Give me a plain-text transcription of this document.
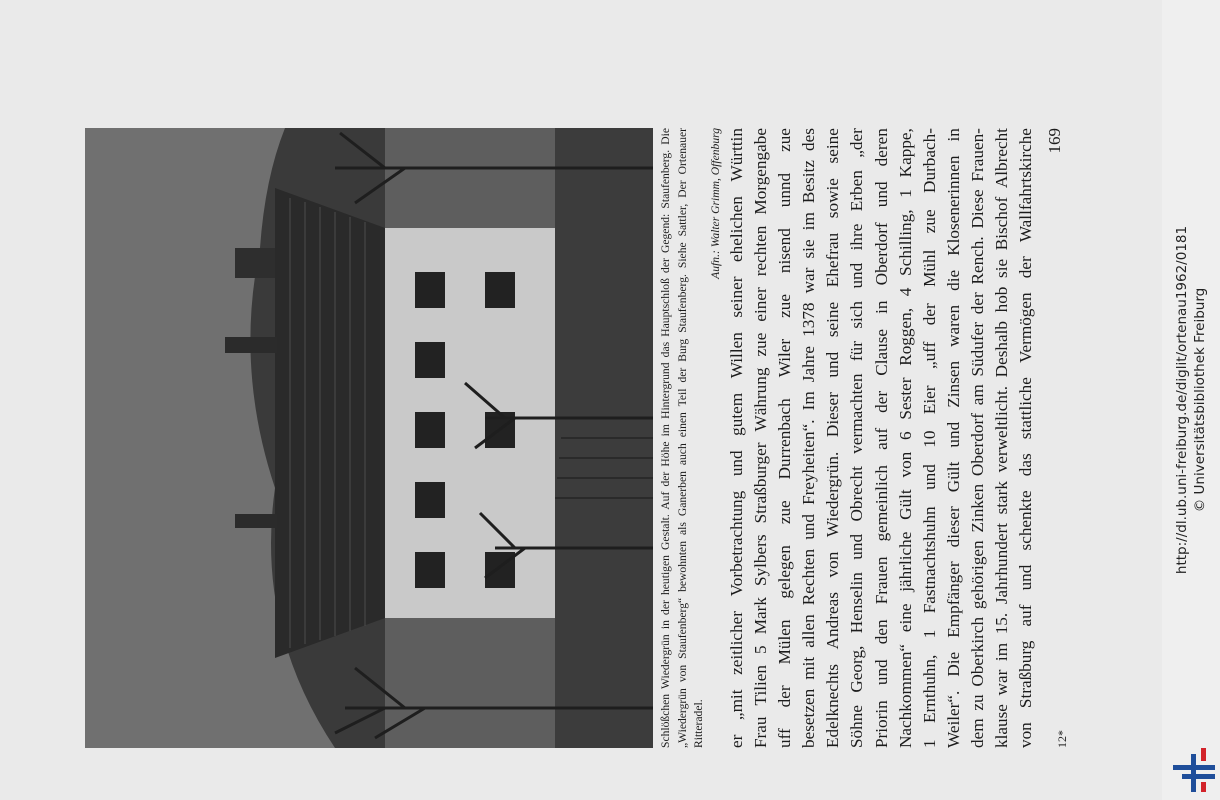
Schlößchen Wiedergrün in der heutigen Gestalt. Auf der Höhe im Hintergrund das Hauptschloß der Gegend: Staufenberg. Die „Wiedergrün von Staufenberg“ bewohnten als Ganerben auch einen Teil der Burg Staufenberg. Siehe Sattler, Der Ortenauer Ritteradel.
Aufn.: Walter Grimm, Offenburg
er
„mit
zeitlicher
Vorbetrachtung
und
gutem
Willen
seiner
ehelichen
Württin
Frau
Tilien
5
Mark
Sylbers
Straßburger
Währung
zue
einer
rechten
Morgengabe
uff
der
Mülen
gelegen
zue
Durrenbach
Wiler
zue
nisend
unnd
zue
besetzen
mit
allen
Rechten
und
Freyheiten“.
Im
Jahre
1378
war
sie
im
Besitz
des
Edelknechts
Andreas
von
Wiedergrün.
Dieser
und
seine
Ehefrau
sowie
seine
Söhne
Georg,
Henselin
und
Obrecht
vermachten
für
sich
und
ihre
Erben
„der
Priorin
und
den
Frauen
gemeinlich
auf
der
Clause
in
Oberdorf
und
deren
Nachkommen“
eine
jährliche
Gült
von
6
Sester
Roggen,
4
Schilling,
1
Kappe,
1
Ernthuhn,
1
Fastnachtshuhn
und
10
Eier
„uff
der
Mühl
zue
Durbach-
Weiler“.
Die
Empfänger
dieser
Gült
und
Zinsen
waren
die
Klosenerinnen
in
dem
zu
Oberkirch
gehörigen
Zinken
Oberdorf
am
Südufer
der
Rench.
Diese
Frauen-
klause
war
im
15.
Jahrhundert
stark
verweltlicht.
Deshalb
hob
sie
Bischof
Albrecht
von
Straßburg
auf
und
schenkte
das
stattliche
Vermögen
der
Wallfahrtskirche
12*
169
http://dl.ub.uni-freiburg.de/diglit/ortenau1962/0181 © Universitätsbibliothek Freiburg
